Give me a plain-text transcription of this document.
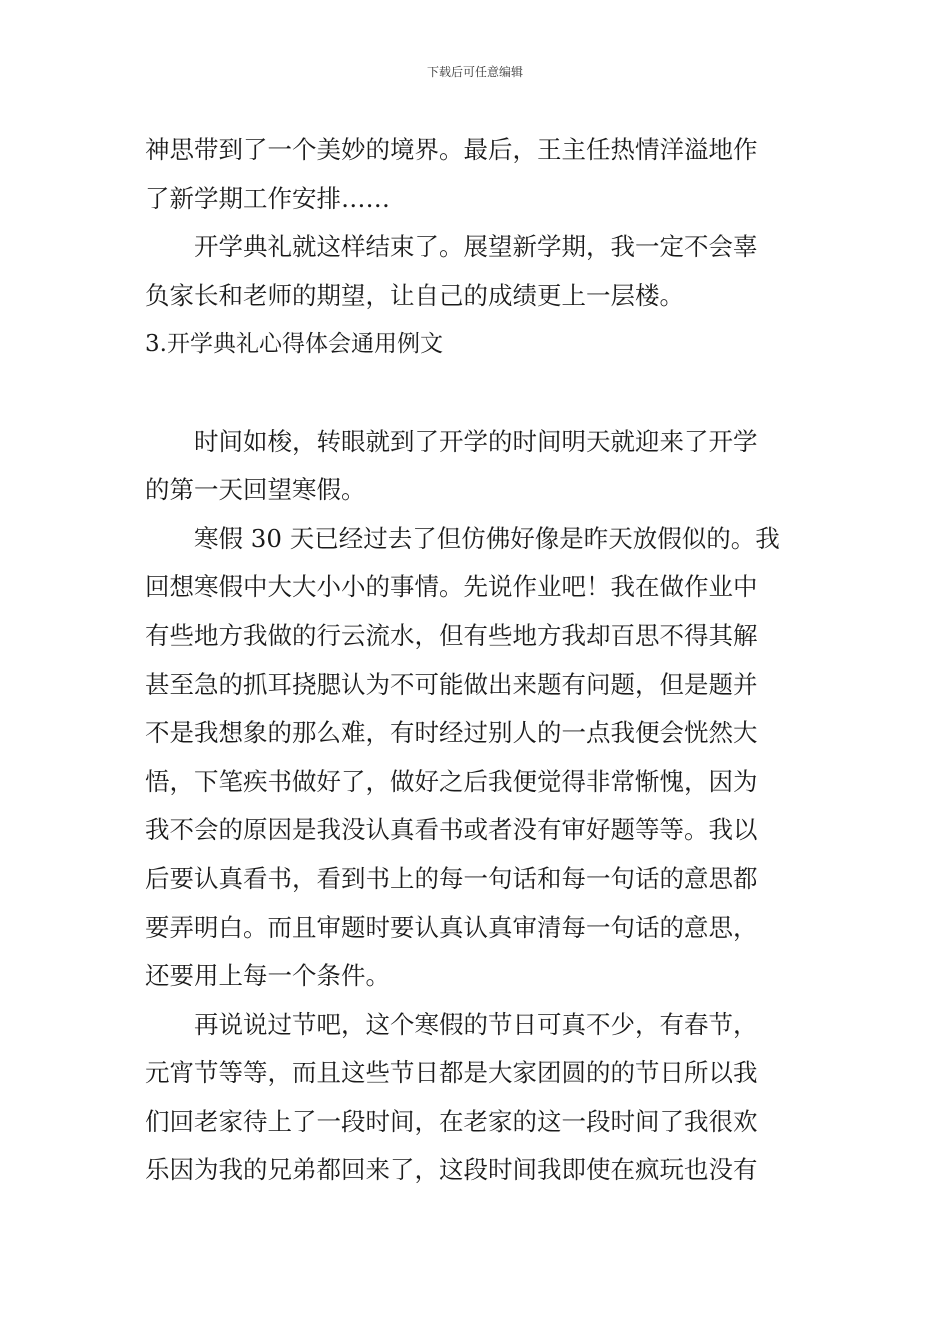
下载后可任意编辑

神思带到了一个美妙的境界。最后，王主任热情洋溢地作
了新学期工作安排……

开学典礼就这样结束了。展望新学期，我一定不会辜
负家长和老师的期望，让自己的成绩更上一层楼。

3.开学典礼心得体会通用例文

时间如梭，转眼就到了开学的时间明天就迎来了开学
的第一天回望寒假。

寒假 30 天已经过去了但仿佛好像是昨天放假似的。我
回想寒假中大大小小的事情。先说作业吧！我在做作业中
有些地方我做的行云流水，但有些地方我却百思不得其解
甚至急的抓耳挠腮认为不可能做出来题有问题，但是题并
不是我想象的那么难，有时经过别人的一点我便会恍然大
悟，下笔疾书做好了，做好之后我便觉得非常惭愧，因为
我不会的原因是我没认真看书或者没有审好题等等。我以
后要认真看书，看到书上的每一句话和每一句话的意思都
要弄明白。而且审题时要认真认真审清每一句话的意思，
还要用上每一个条件。

再说说过节吧，这个寒假的节日可真不少，有春节，
元宵节等等，而且这些节日都是大家团圆的的节日所以我
们回老家待上了一段时间，在老家的这一段时间了我很欢
乐因为我的兄弟都回来了，这段时间我即使在疯玩也没有
